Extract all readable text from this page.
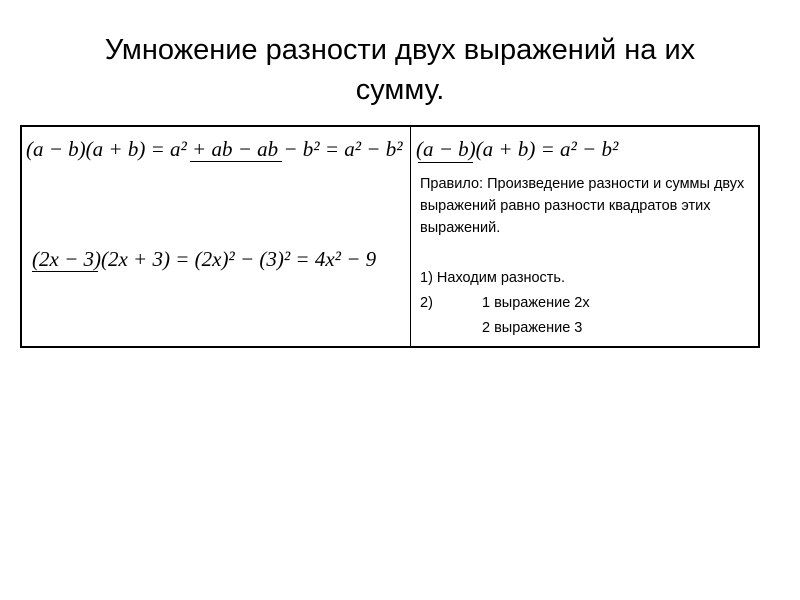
Умножение разности двух выражений на их
сумму.
(a − b)(a + b) = a² + ab − ab − b² = a² − b²
(2x − 3)(2x + 3) = (2x)² − (3)² = 4x² − 9
(a − b)(a + b) = a² − b²
Правило: Произведение разности и суммы двух выражений равно разности квадратов этих выражений.
1) Находим разность.
2)	1 выражение 2x
2 выражение 3
